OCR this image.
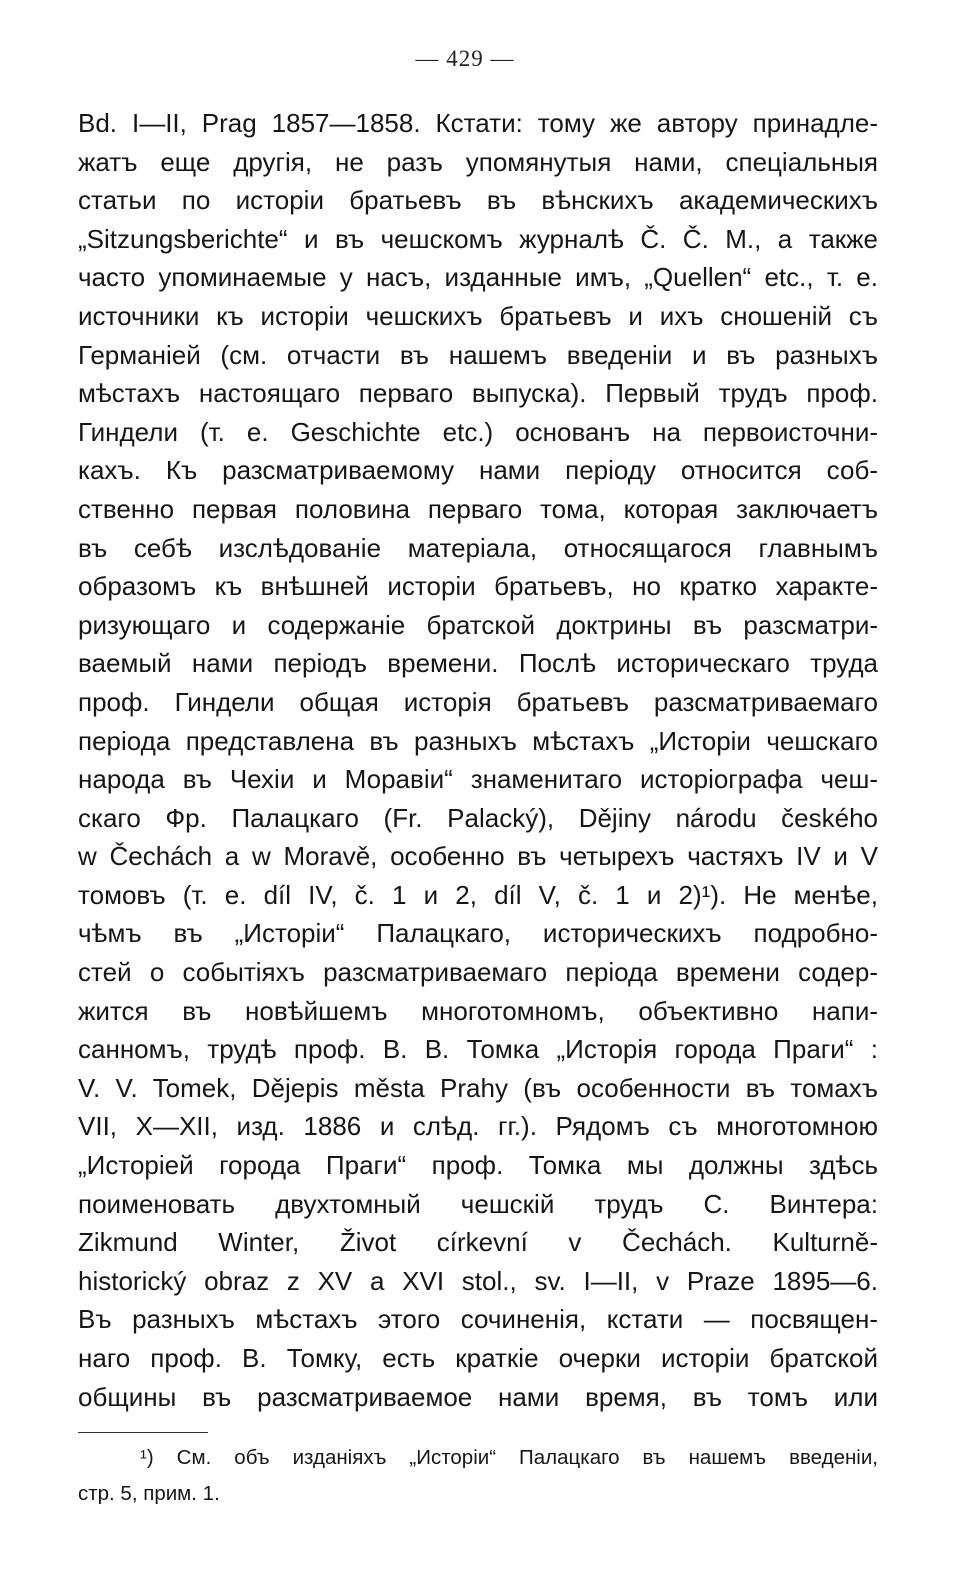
— 429 —
Bd. I—II, Prag 1857—1858. Кстати: тому же автору принадле-
жатъ еще другія, не разъ упомянутыя нами, спеціальныя
статьи по исторіи братьевъ въ вѣнскихъ академическихъ
„Sitzungsberichte“ и въ чешскомъ журналѣ Č. Č. M., а также
часто упоминаемые у насъ, изданные имъ, „Quellen“ etc., т. е.
источники къ исторіи чешскихъ братьевъ и ихъ сношеній съ
Германіей (см. отчасти въ нашемъ введеніи и въ разныхъ
мѣстахъ настоящаго перваго выпуска). Первый трудъ проф.
Гиндели (т. е. Geschichte etc.) основанъ на первоисточни-
кахъ. Къ разсматриваемому нами періоду относится соб-
ственно первая половина перваго тома, которая заключаетъ
въ себѣ изслѣдованіе матеріала, относящагося главнымъ
образомъ къ внѣшней исторіи братьевъ, но кратко характе-
ризующаго и содержаніе братской доктрины въ разсматри-
ваемый нами періодъ времени. Послѣ историческаго труда
проф. Гиндели общая исторія братьевъ разсматриваемаго
періода представлена въ разныхъ мѣстахъ „Исторіи чешскаго
народа въ Чехіи и Моравіи“ знаменитаго исторіографа чеш-
скаго Фр. Палацкаго (Fr. Palacký), Dějiny národu českého
w Čechách a w Moravě, особенно въ четырехъ частяхъ IV и V
томовъ (т. е. díl IV, č. 1 и 2, díl V, č. 1 и 2)¹). Не менѣе,
чѣмъ въ „Исторіи“ Палацкаго, историческихъ подробно-
стей о событіяхъ разсматриваемаго періода времени содер-
жится въ новѣйшемъ многотомномъ, объективно напи-
санномъ, трудѣ проф. В. В. Томка „Исторія города Праги“ :
V. V. Tomek, Dějepis města Prahy (въ особенности въ томахъ
VII, X—XII, изд. 1886 и слѣд. гг.). Рядомъ съ многотомною
„Исторіей города Праги“ проф. Томка мы должны здѣсь
поименовать двухтомный чешскій трудъ С. Винтера:
Zikmund Winter, Život církevní v Čechách. Kulturně-
historický obraz z XV a XVI stol., sv. I—II, v Praze 1895—6.
Въ разныхъ мѣстахъ этого сочиненія, кстати — посвящен-
наго проф. В. Томку, есть краткіе очерки исторіи братской
общины въ разсматриваемое нами время, въ томъ или
¹) См. объ изданіяхъ „Исторіи“ Палацкаго въ нашемъ введеніи,
стр. 5, прим. 1.
